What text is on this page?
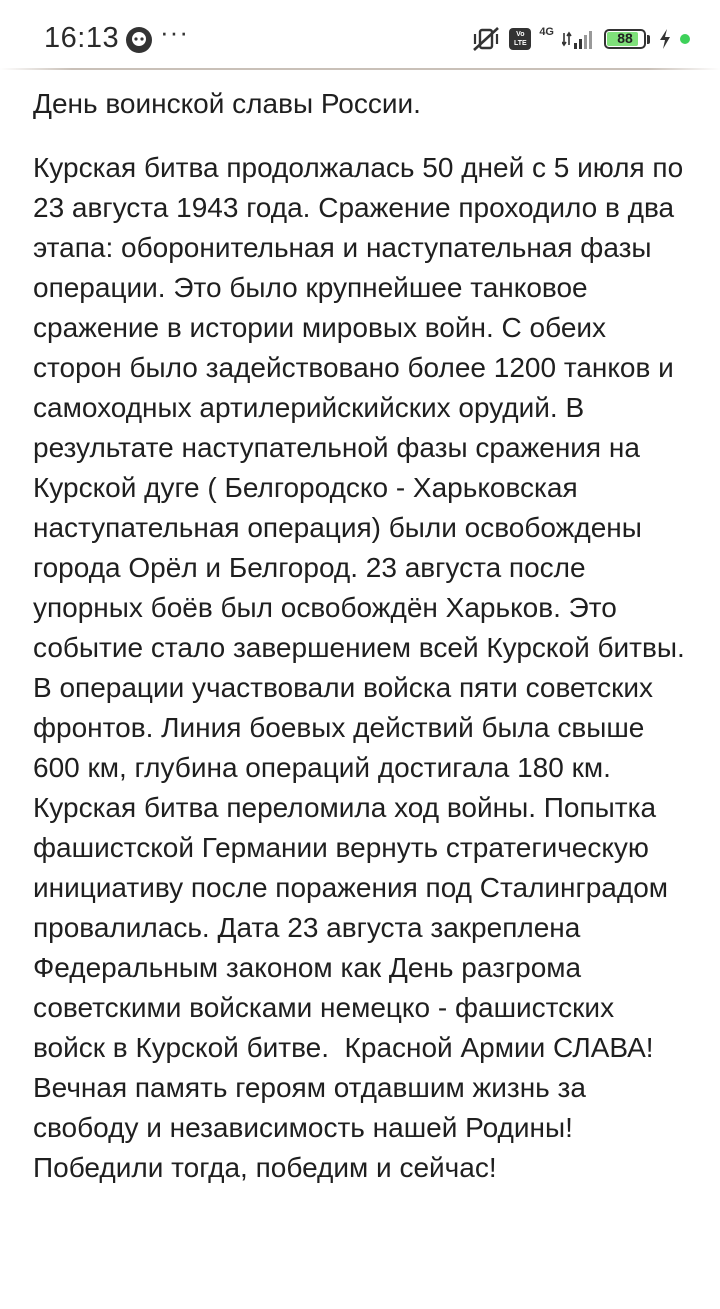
16:13 ···	Vo LTE
4G	88

День воинской славы России.

Курская битва продолжалась 50 дней с 5 июля по 23 августа 1943 года. Сражение проходило в два этапа: оборонительная и наступательная фазы операции. Это было крупнейшее танковое сражение в истории мировых войн. С обеих сторон было задействовано более 1200 танков и самоходных артилерийскийских орудий. В результате наступательной фазы сражения на Курской дуге ( Белгородско - Харьковская наступательная операция) были освобождены города Орёл и Белгород. 23 августа после упорных боёв был освобождён Харьков. Это событие стало завершением всей Курской битвы. В операции участвовали войска пяти советских фронтов. Линия боевых действий была свыше 600 км, глубина операций достигала 180 км. Курская битва переломила ход войны. Попытка фашистской Германии вернуть стратегическую инициативу после поражения под Сталинградом провалилась. Дата 23 августа закреплена Федеральным законом как День разгрома советскими войсками немецко - фашистских войск в Курской битве.  Красной Армии СЛАВА! Вечная память героям отдавшим жизнь за свободу и независимость нашей Родины! Победили тогда, победим и сейчас!
